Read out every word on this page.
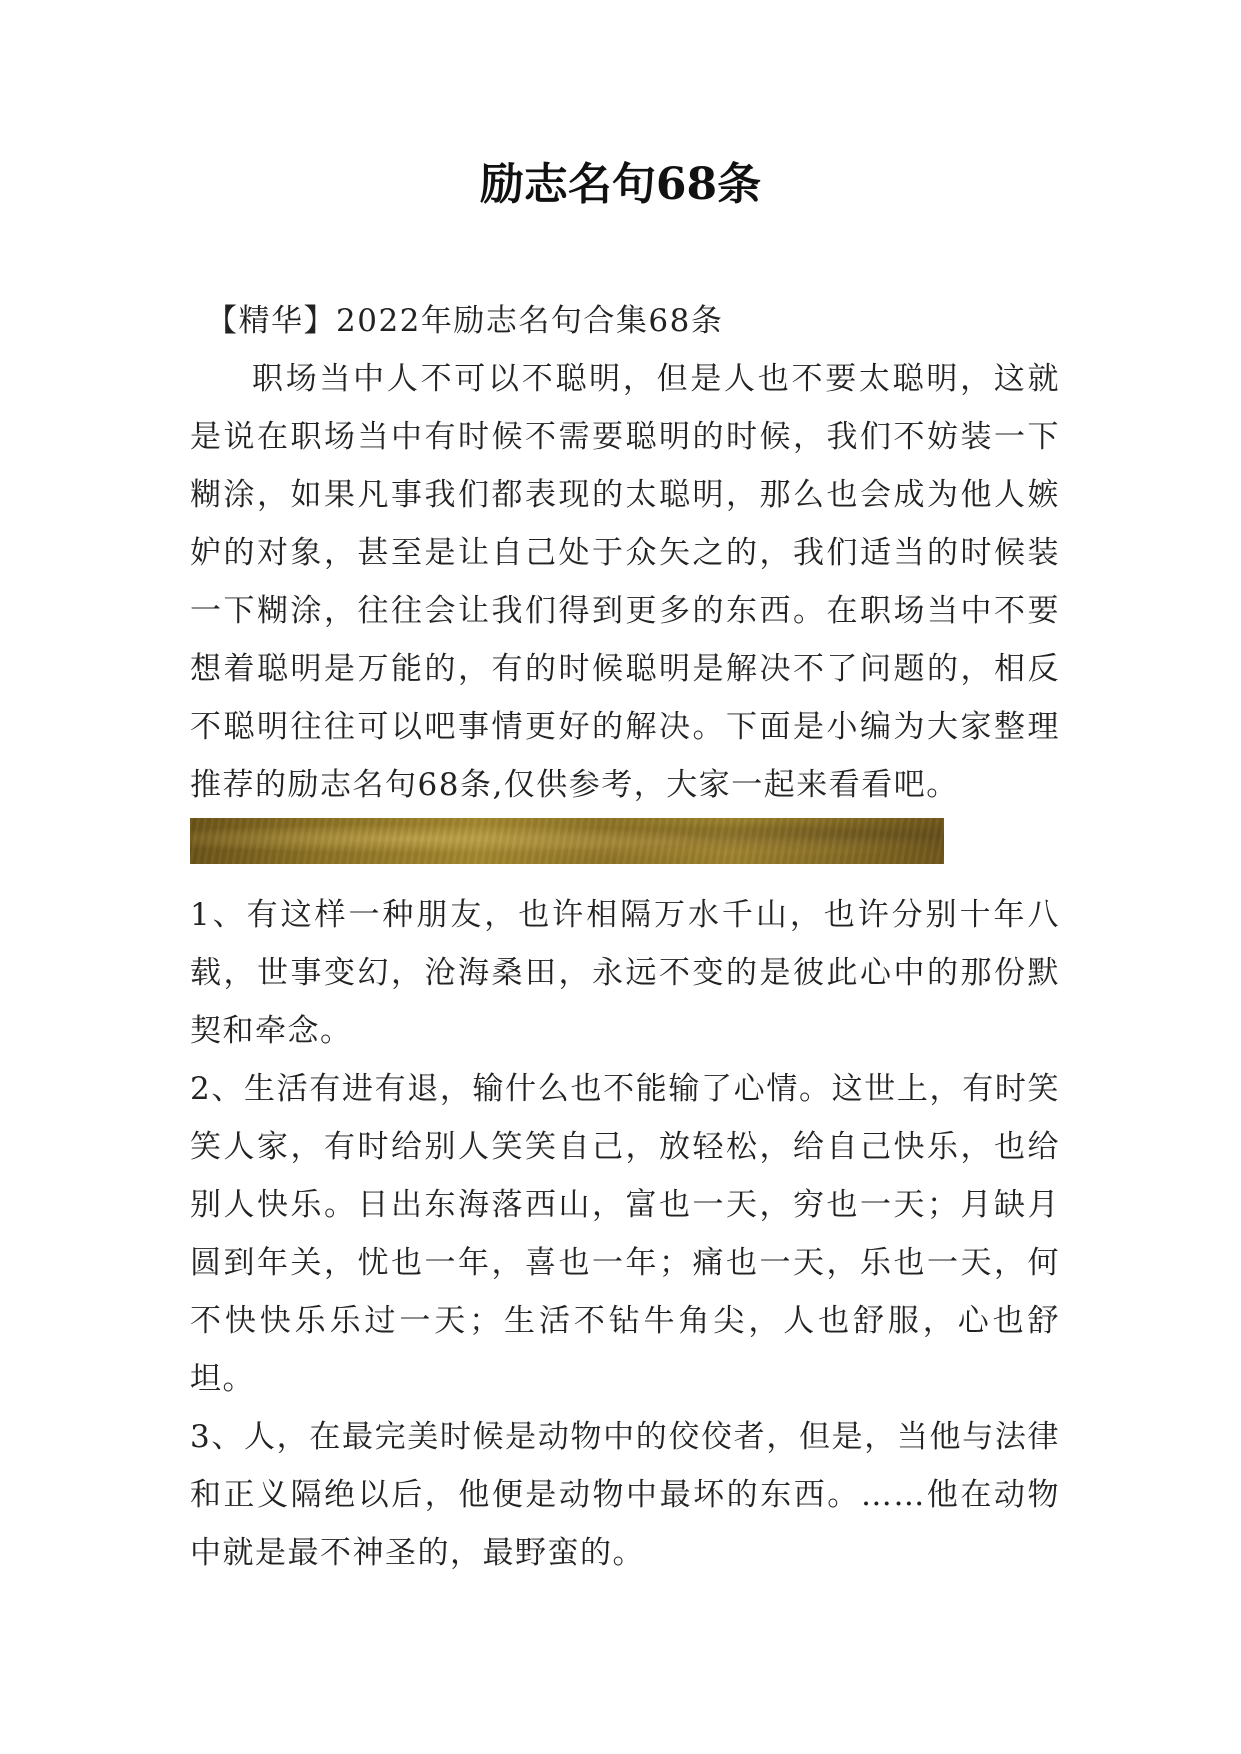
励志名句68条

【精华】2022年励志名句合集68条

职场当中人不可以不聪明，但是人也不要太聪明，这就是说在职场当中有时候不需要聪明的时候，我们不妨装一下糊涂，如果凡事我们都表现的太聪明，那么也会成为他人嫉妒的对象，甚至是让自己处于众矢之的，我们适当的时候装一下糊涂，往往会让我们得到更多的东西。在职场当中不要想着聪明是万能的，有的时候聪明是解决不了问题的，相反不聪明往往可以吧事情更好的解决。下面是小编为大家整理推荐的励志名句68条,仅供参考，大家一起来看看吧。

1、有这样一种朋友，也许相隔万水千山，也许分别十年八载，世事变幻，沧海桑田，永远不变的是彼此心中的那份默契和牵念。

2、生活有进有退，输什么也不能输了心情。这世上，有时笑笑人家，有时给别人笑笑自己，放轻松，给自己快乐，也给别人快乐。日出东海落西山，富也一天，穷也一天；月缺月圆到年关，忧也一年，喜也一年；痛也一天，乐也一天，何不快快乐乐过一天；生活不钻牛角尖，人也舒服，心也舒坦。

3、人，在最完美时候是动物中的佼佼者，但是，当他与法律和正义隔绝以后，他便是动物中最坏的东西。……他在动物中就是最不神圣的，最野蛮的。
